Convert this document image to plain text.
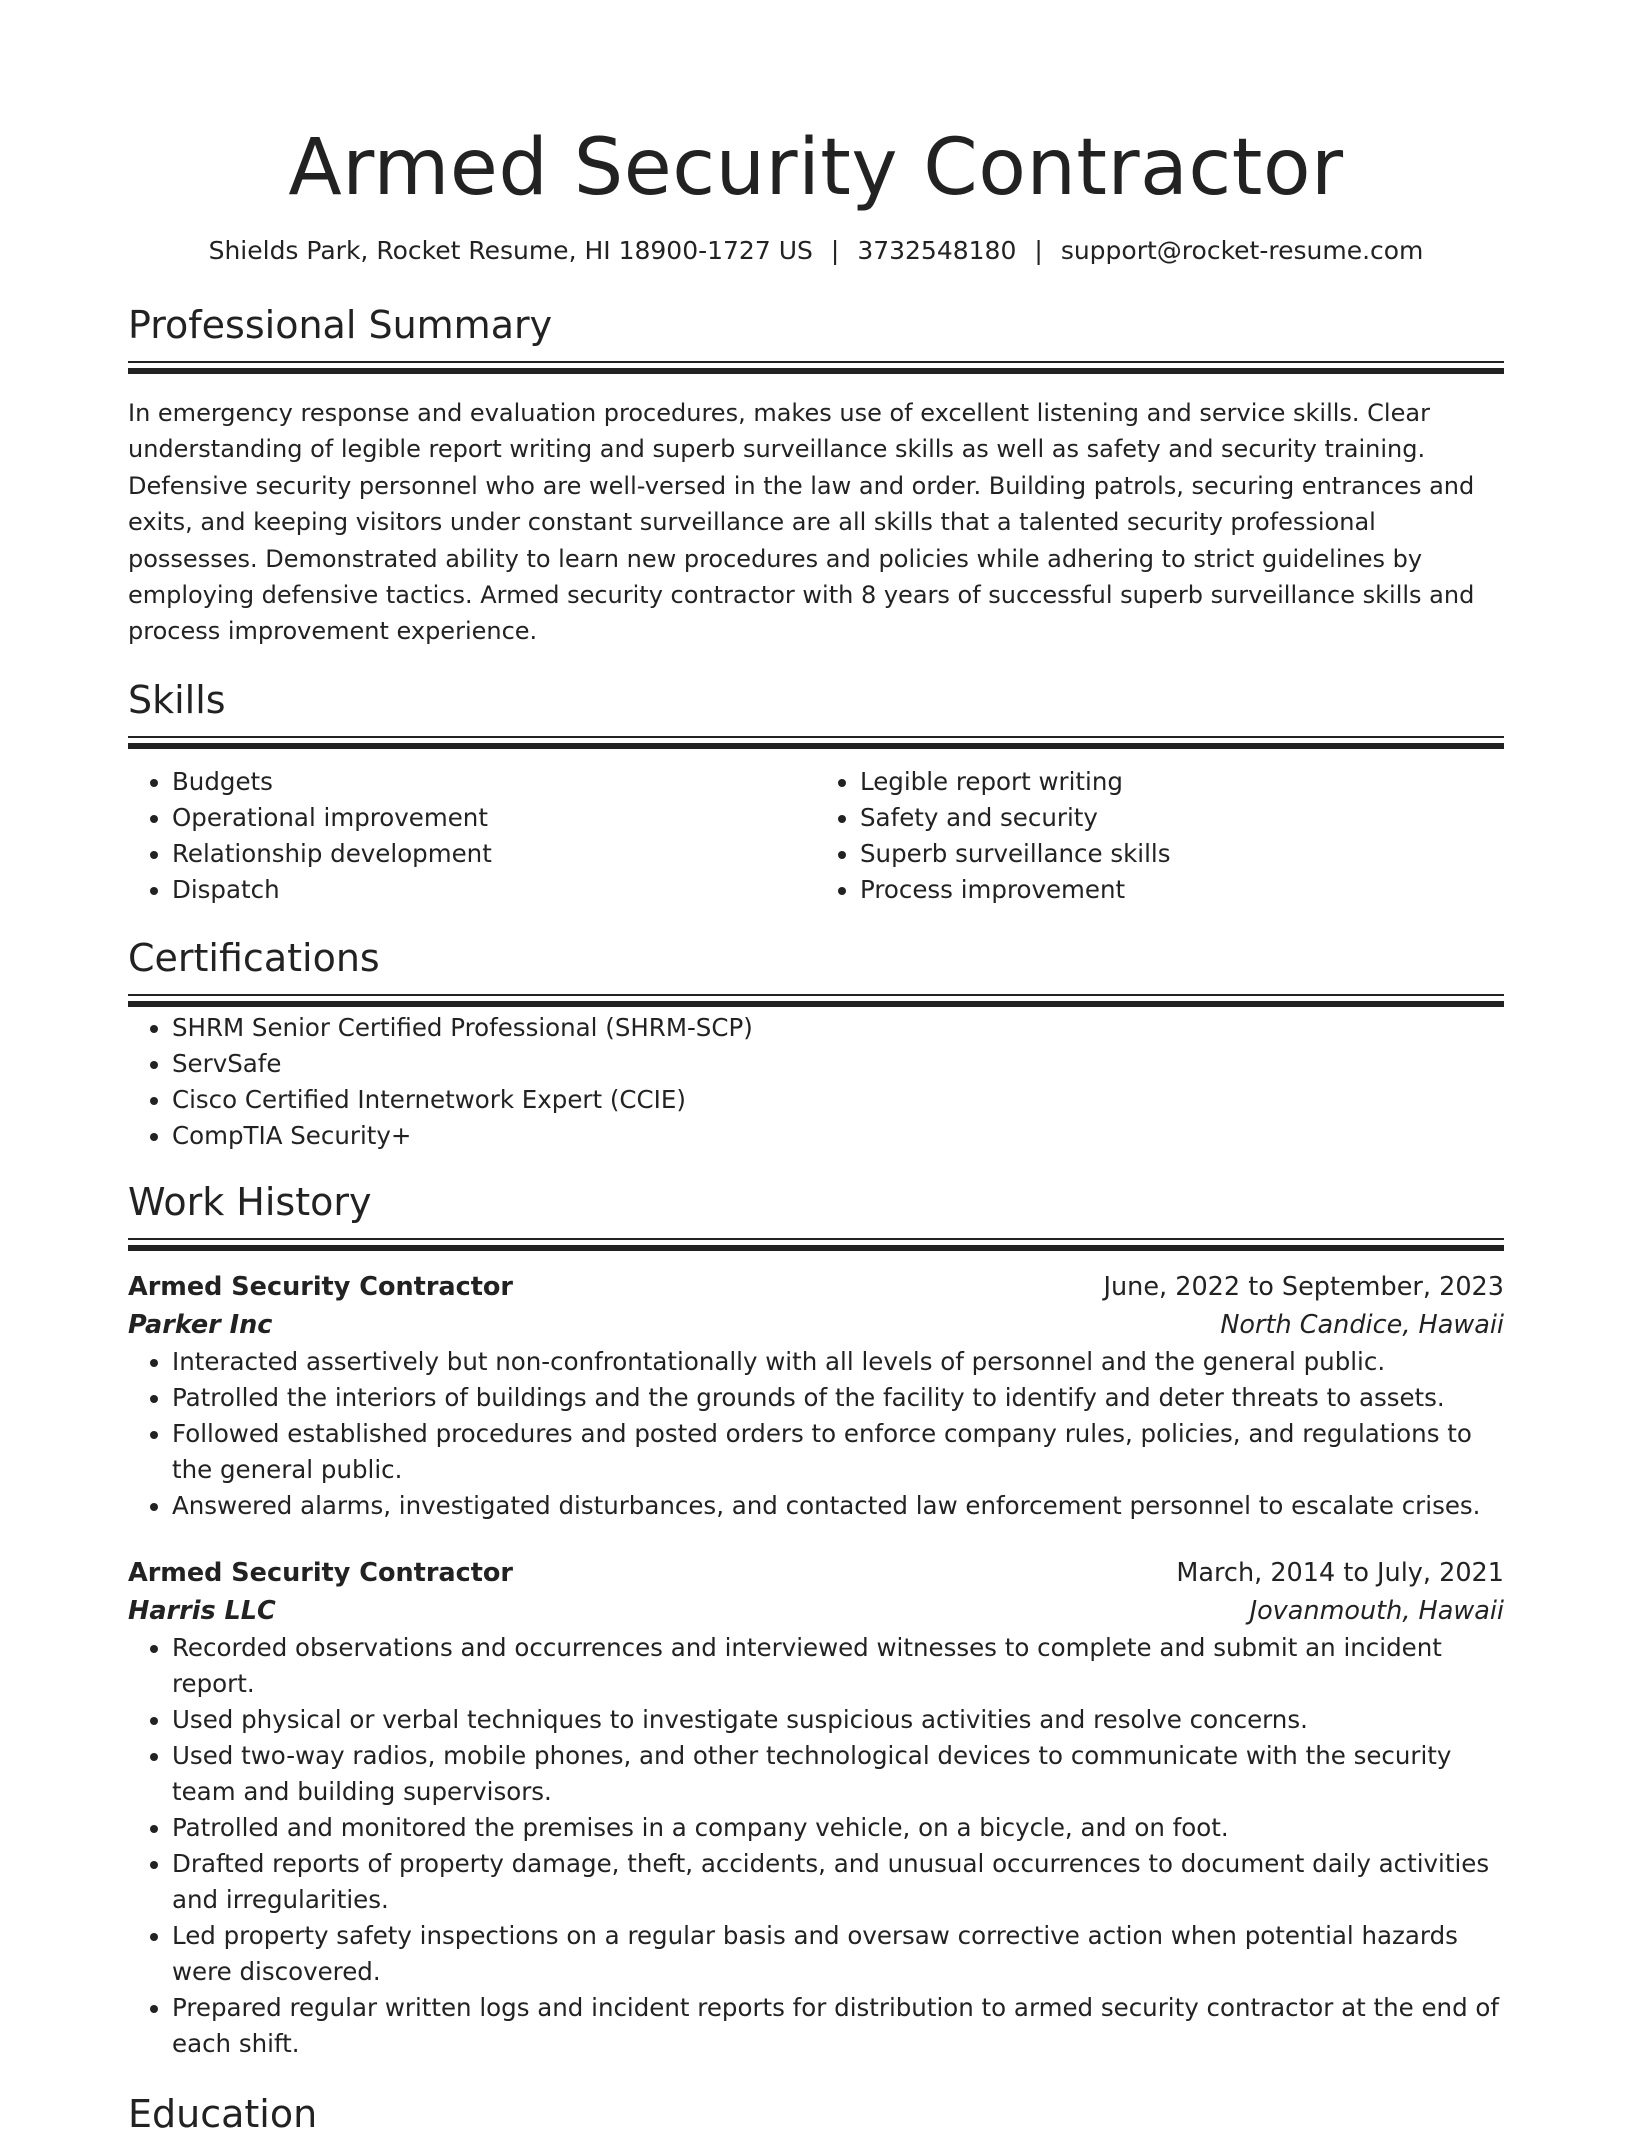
Armed Security Contractor
Shields Park, Rocket Resume, HI 18900-1727 US | 3732548180 | support@rocket-resume.com
Professional Summary

In emergency response and evaluation procedures, makes use of excellent listening and service skills. Clear understanding of legible report writing and superb surveillance skills as well as safety and security training. Defensive security personnel who are well-versed in the law and order. Building patrols, securing entrances and exits, and keeping visitors under constant surveillance are all skills that a talented security professional possesses. Demonstrated ability to learn new procedures and policies while adhering to strict guidelines by employing defensive tactics. Armed security contractor with 8 years of successful superb surveillance skills and process improvement experience.

Skills
• Budgets
• Operational improvement
• Relationship development
• Dispatch
• Legible report writing
• Safety and security
• Superb surveillance skills
• Process improvement
Certifications
• SHRM Senior Certified Professional (SHRM-SCP)
• ServSafe
• Cisco Certified Internetwork Expert (CCIE)
• CompTIA Security+
Work History
Armed Security Contractor	June, 2022 to September, 2023
Parker Inc	North Candice, Hawaii
• Interacted assertively but non-confrontationally with all levels of personnel and the general public.
• Patrolled the interiors of buildings and the grounds of the facility to identify and deter threats to assets.
• Followed established procedures and posted orders to enforce company rules, policies, and regulations to the general public.
• Answered alarms, investigated disturbances, and contacted law enforcement personnel to escalate crises.
Armed Security Contractor	March, 2014 to July, 2021
Harris LLC	Jovanmouth, Hawaii
• Recorded observations and occurrences and interviewed witnesses to complete and submit an incident report.
• Used physical or verbal techniques to investigate suspicious activities and resolve concerns.
• Used two-way radios, mobile phones, and other technological devices to communicate with the security team and building supervisors.
• Patrolled and monitored the premises in a company vehicle, on a bicycle, and on foot.
• Drafted reports of property damage, theft, accidents, and unusual occurrences to document daily activities and irregularities.
• Led property safety inspections on a regular basis and oversaw corrective action when potential hazards were discovered.
• Prepared regular written logs and incident reports for distribution to armed security contractor at the end of each shift.
Education
